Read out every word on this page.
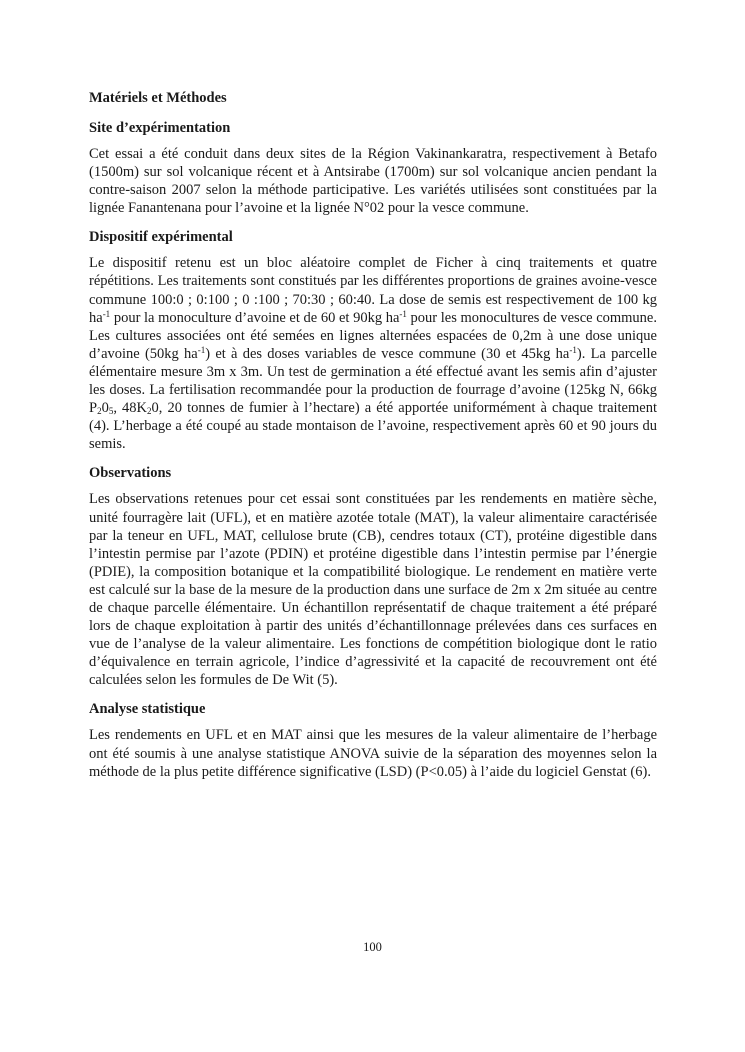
Matériels et Méthodes
Site d’expérimentation

Cet essai a été conduit dans deux sites de la Région Vakinankaratra, respectivement à Betafo (1500m) sur sol volcanique récent et à Antsirabe (1700m) sur sol volcanique ancien pendant la contre-saison 2007 selon la méthode participative. Les variétés utilisées sont constituées par la lignée Fanantenana pour l’avoine et la lignée N°02 pour la vesce commune.

Dispositif expérimental

Le dispositif retenu est un bloc aléatoire complet de Ficher à cinq traitements et quatre répétitions. Les traitements sont constitués par les différentes proportions de graines avoine-vesce commune 100:0 ; 0:100 ; 0 :100 ; 70:30 ; 60:40. La dose de semis est respectivement de 100 kg $ha^{-1}$ pour la monoculture d’avoine et de 60 et 90kg $ha^{-1}$ pour les monocultures de vesce commune. Les cultures associées ont été semées en lignes alternées espacées de 0,2m à une dose unique d’avoine (50kg $ha^{-1}$) et à des doses variables de vesce commune (30 et 45kg $ha^{-1}$). La parcelle élémentaire mesure 3m x 3m. Un test de germination a été effectué avant les semis afin d’ajuster les doses. La fertilisation recommandée pour la production de fourrage d’avoine (125kg N, 66kg $P_20_5$, $48K_20$, 20 tonnes de fumier à l’hectare) a été apportée uniformément à chaque traitement (4). L’herbage a été coupé au stade montaison de l’avoine, respectivement après 60 et 90 jours du semis.

Observations

Les observations retenues pour cet essai sont constituées par les rendements en matière sèche, unité fourragère lait (UFL), et en matière azotée totale (MAT), la valeur alimentaire caractérisée par la teneur en UFL, MAT, cellulose brute (CB), cendres totaux (CT), protéine digestible dans l’intestin permise par l’azote (PDIN) et protéine digestible dans l’intestin permise par l’énergie (PDIE), la composition botanique et la compatibilité biologique. Le rendement en matière verte est calculé sur la base de la mesure de la production dans une surface de 2m x 2m située au centre de chaque parcelle élémentaire. Un échantillon représentatif de chaque traitement a été préparé lors de chaque exploitation à partir des unités d’échantillonnage prélevées dans ces surfaces en vue de l’analyse de la valeur alimentaire. Les fonctions de compétition biologique dont le ratio d’équivalence en terrain agricole, l’indice d’agressivité et la capacité de recouvrement ont été calculées selon les formules de De Wit (5).

Analyse statistique

Les rendements en UFL et en MAT ainsi que les mesures de la valeur alimentaire de l’herbage ont été soumis à une analyse statistique ANOVA suivie de la séparation des moyennes selon la méthode de la plus petite différence significative (LSD) (P<0.05) à l’aide du logiciel Genstat (6).

100
